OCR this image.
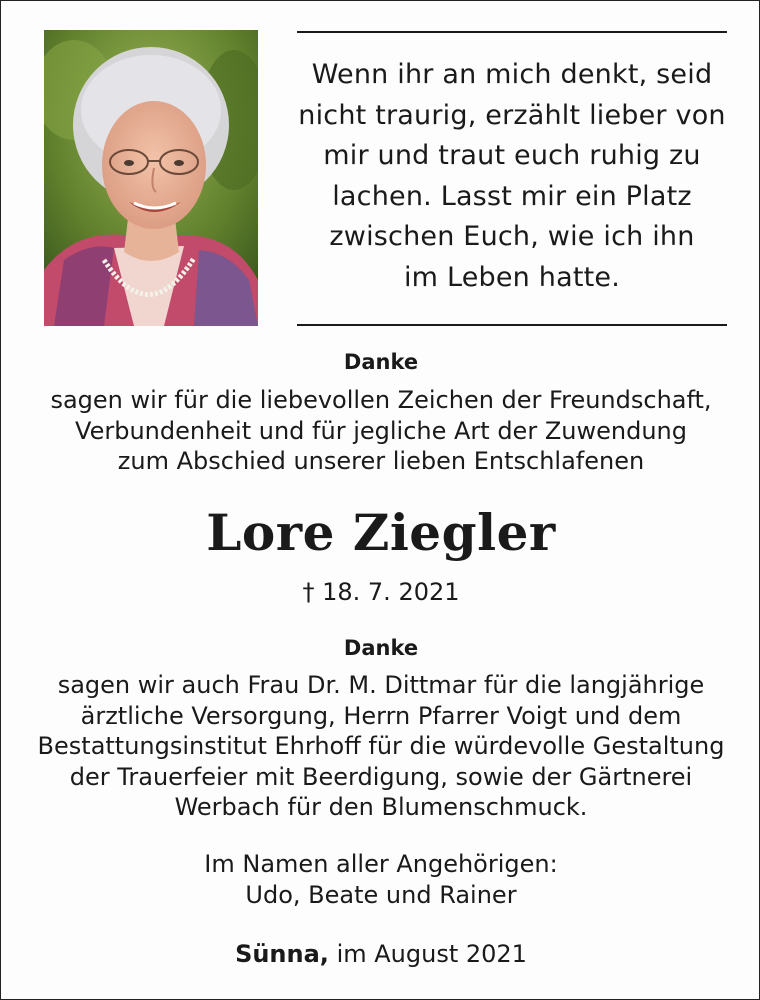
Wenn ihr an mich denkt, seid
nicht traurig, erzählt lieber von
mir und traut euch ruhig zu
lachen. Lasst mir ein Platz
zwischen Euch, wie ich ihn
im Leben hatte.
Danke
sagen wir für die liebevollen Zeichen der Freundschaft,
Verbundenheit und für jegliche Art der Zuwendung
zum Abschied unserer lieben Entschlafenen
Lore Ziegler
† 18. 7. 2021
Danke
sagen wir auch Frau Dr. M. Dittmar für die langjährige
ärztliche Versorgung, Herrn Pfarrer Voigt und dem
Bestattungsinstitut Ehrhoff für die würdevolle Gestaltung
der Trauerfeier mit Beerdigung, sowie der Gärtnerei
Werbach für den Blumenschmuck.
Im Namen aller Angehörigen:
Udo, Beate und Rainer
Sünna, im August 2021
